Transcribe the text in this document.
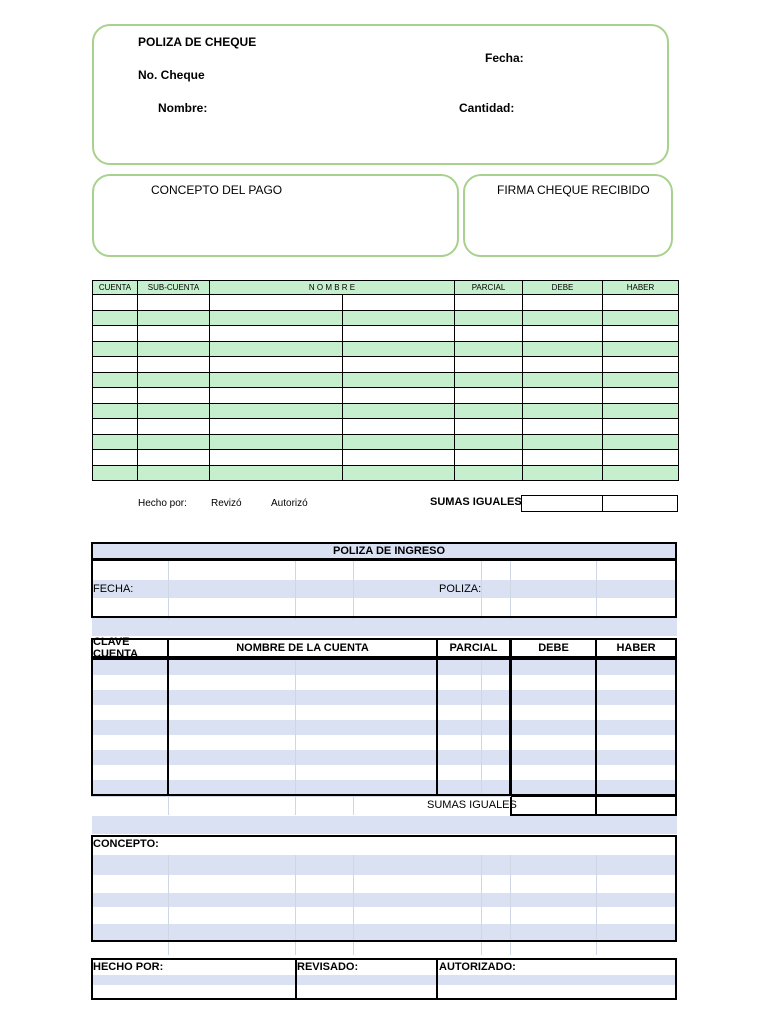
POLIZA DE CHEQUE
Fecha:
No. Cheque
Nombre:	Cantidad:
CONCEPTO DEL PAGO	FIRMA CHEQUE RECIBIDO
CUENTA	SUB-CUENTA	N O M B R E		PARCIAL	DEBE	HABER

Hecho por: Revizó	Autorizó	SUMAS IGUALES
POLIZA DE INGRESO
FECHA:	POLIZA:
CLAVE CUENTA	NOMBRE DE LA CUENTA	PARCIAL	DEBE	HABER
SUMAS IGUALES
CONCEPTO:
HECHO POR:	REVISADO:	AUTORIZADO:
